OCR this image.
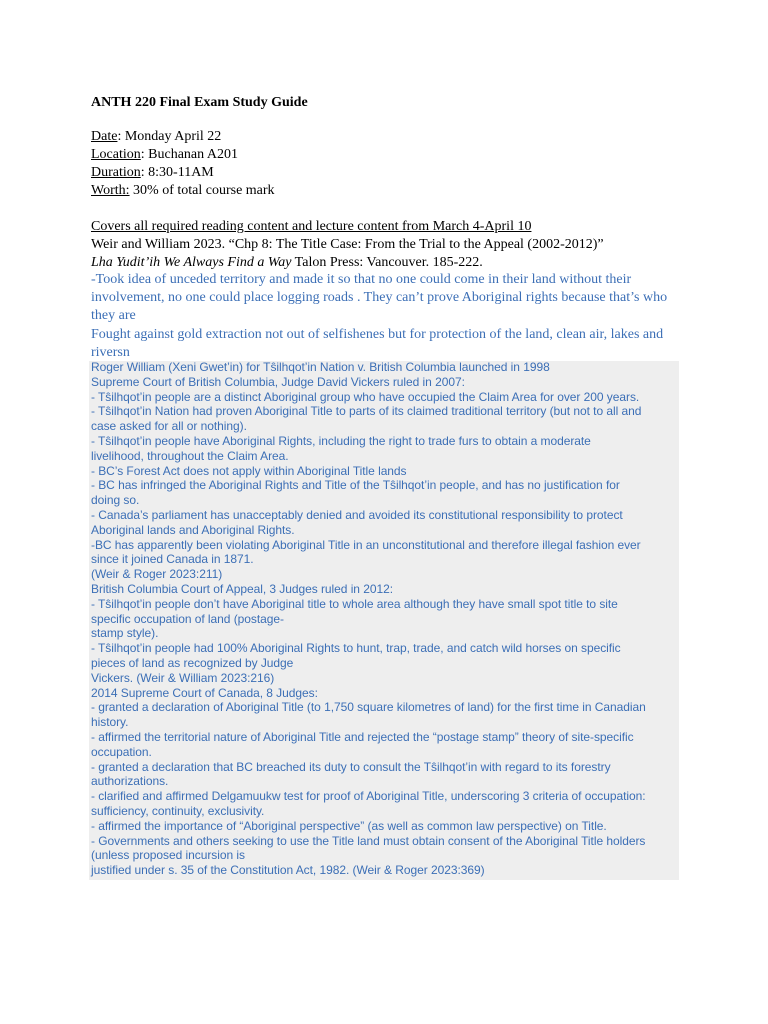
ANTH 220 Final Exam Study Guide
Date: Monday April 22
Location: Buchanan A201
Duration: 8:30-11AM
Worth: 30% of total course mark
Covers all required reading content and lecture content from March 4-April 10
Weir and William 2023. “Chp 8: The Title Case: From the Trial to the Appeal (2002-2012)”
Lha Yudit’ih We Always Find a Way Talon Press: Vancouver. 185-222.
-Took idea of unceded territory and made it so that no one could come in their land without their involvement, no one could place logging roads . They can’t prove Aboriginal rights because that’s who they are
Fought against gold extraction not out of selfishenes but for protection of the land, clean air, lakes and riversn
Roger William (Xeni Gwet’in) for Tŝilhqot’in Nation v. British Columbia launched in 1998
Supreme Court of British Columbia, Judge David Vickers ruled in 2007:
- Tŝilhqot’in people are a distinct Aboriginal group who have occupied the Claim Area for over 200 years.
- Tŝilhqot’in Nation had proven Aboriginal Title to parts of its claimed traditional territory (but not to all and
case asked for all or nothing).
- Tŝilhqot’in people have Aboriginal Rights, including the right to trade furs to obtain a moderate
livelihood, throughout the Claim Area.
- BC’s Forest Act does not apply within Aboriginal Title lands
- BC has infringed the Aboriginal Rights and Title of the Tŝilhqot’in people, and has no justification for
doing so.
- Canada’s parliament has unacceptably denied and avoided its constitutional responsibility to protect
Aboriginal lands and Aboriginal Rights.
-BC has apparently been violating Aboriginal Title in an unconstitutional and therefore illegal fashion ever
since it joined Canada in 1871.
(Weir & Roger 2023:211)
British Columbia Court of Appeal, 3 Judges ruled in 2012:
- Tŝilhqot’in people don’t have Aboriginal title to whole area although they have small spot title to site
specific occupation of land (postage-
stamp style).
- Tŝilhqot’in people had 100% Aboriginal Rights to hunt, trap, trade, and catch wild horses on specific
pieces of land as recognized by Judge
Vickers. (Weir & William 2023:216)
2014 Supreme Court of Canada, 8 Judges:
- granted a declaration of Aboriginal Title (to 1,750 square kilometres of land) for the first time in Canadian
history.
- affirmed the territorial nature of Aboriginal Title and rejected the “postage stamp” theory of site-specific
occupation.
- granted a declaration that BC breached its duty to consult the Tŝilhqot’in with regard to its forestry
authorizations.
- clarified and affirmed Delgamuukw test for proof of Aboriginal Title, underscoring 3 criteria of occupation:
sufficiency, continuity, exclusivity.
- affirmed the importance of “Aboriginal perspective” (as well as common law perspective) on Title.
- Governments and others seeking to use the Title land must obtain consent of the Aboriginal Title holders
(unless proposed incursion is
justified under s. 35 of the Constitution Act, 1982. (Weir & Roger 2023:369)
